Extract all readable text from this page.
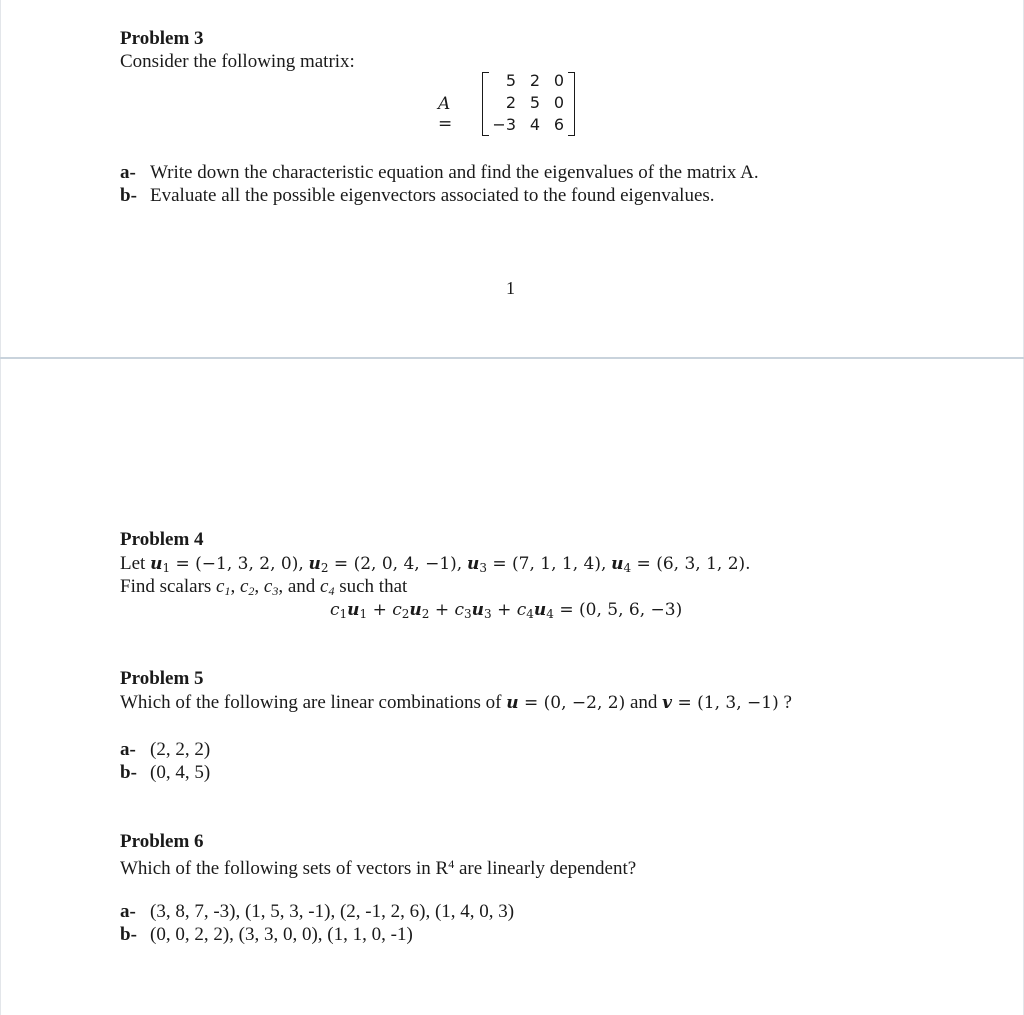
Problem 3
Consider the following matrix:
A =
5 2 0
2 5 0
−3 4 6
a- Write down the characteristic equation and find the eigenvalues of the matrix A.
b- Evaluate all the possible eigenvectors associated to the found eigenvalues.
1
Problem 4
Let $u_1 = (-1$, 3, 2, 0), $u_2 = (2$, 0, 4, −1), $u_3 = (7$, 1, 1, 4), $u_4 = (6$, 3, 1, 2).
Find scalars $c_1$, $c_2$, $c_3$, and $c_4$ such that
$c_1u_1 + c_2u_2 + c_3u_3 + c_4u_4 = (0$, 5, 6, −3)
Problem 5
Which of the following are linear combinations of u = (0, −2, 2) and v = (1, 3, −1) ?
a- (2, 2, 2)
b- (0, 4, 5)
Problem 6
Which of the following sets of vectors in $R^4$ are linearly dependent?
a- (3, 8, 7, -3), (1, 5, 3, -1), (2, -1, 2, 6), (1, 4, 0, 3)
b- (0, 0, 2, 2), (3, 3, 0, 0), (1, 1, 0, -1)
